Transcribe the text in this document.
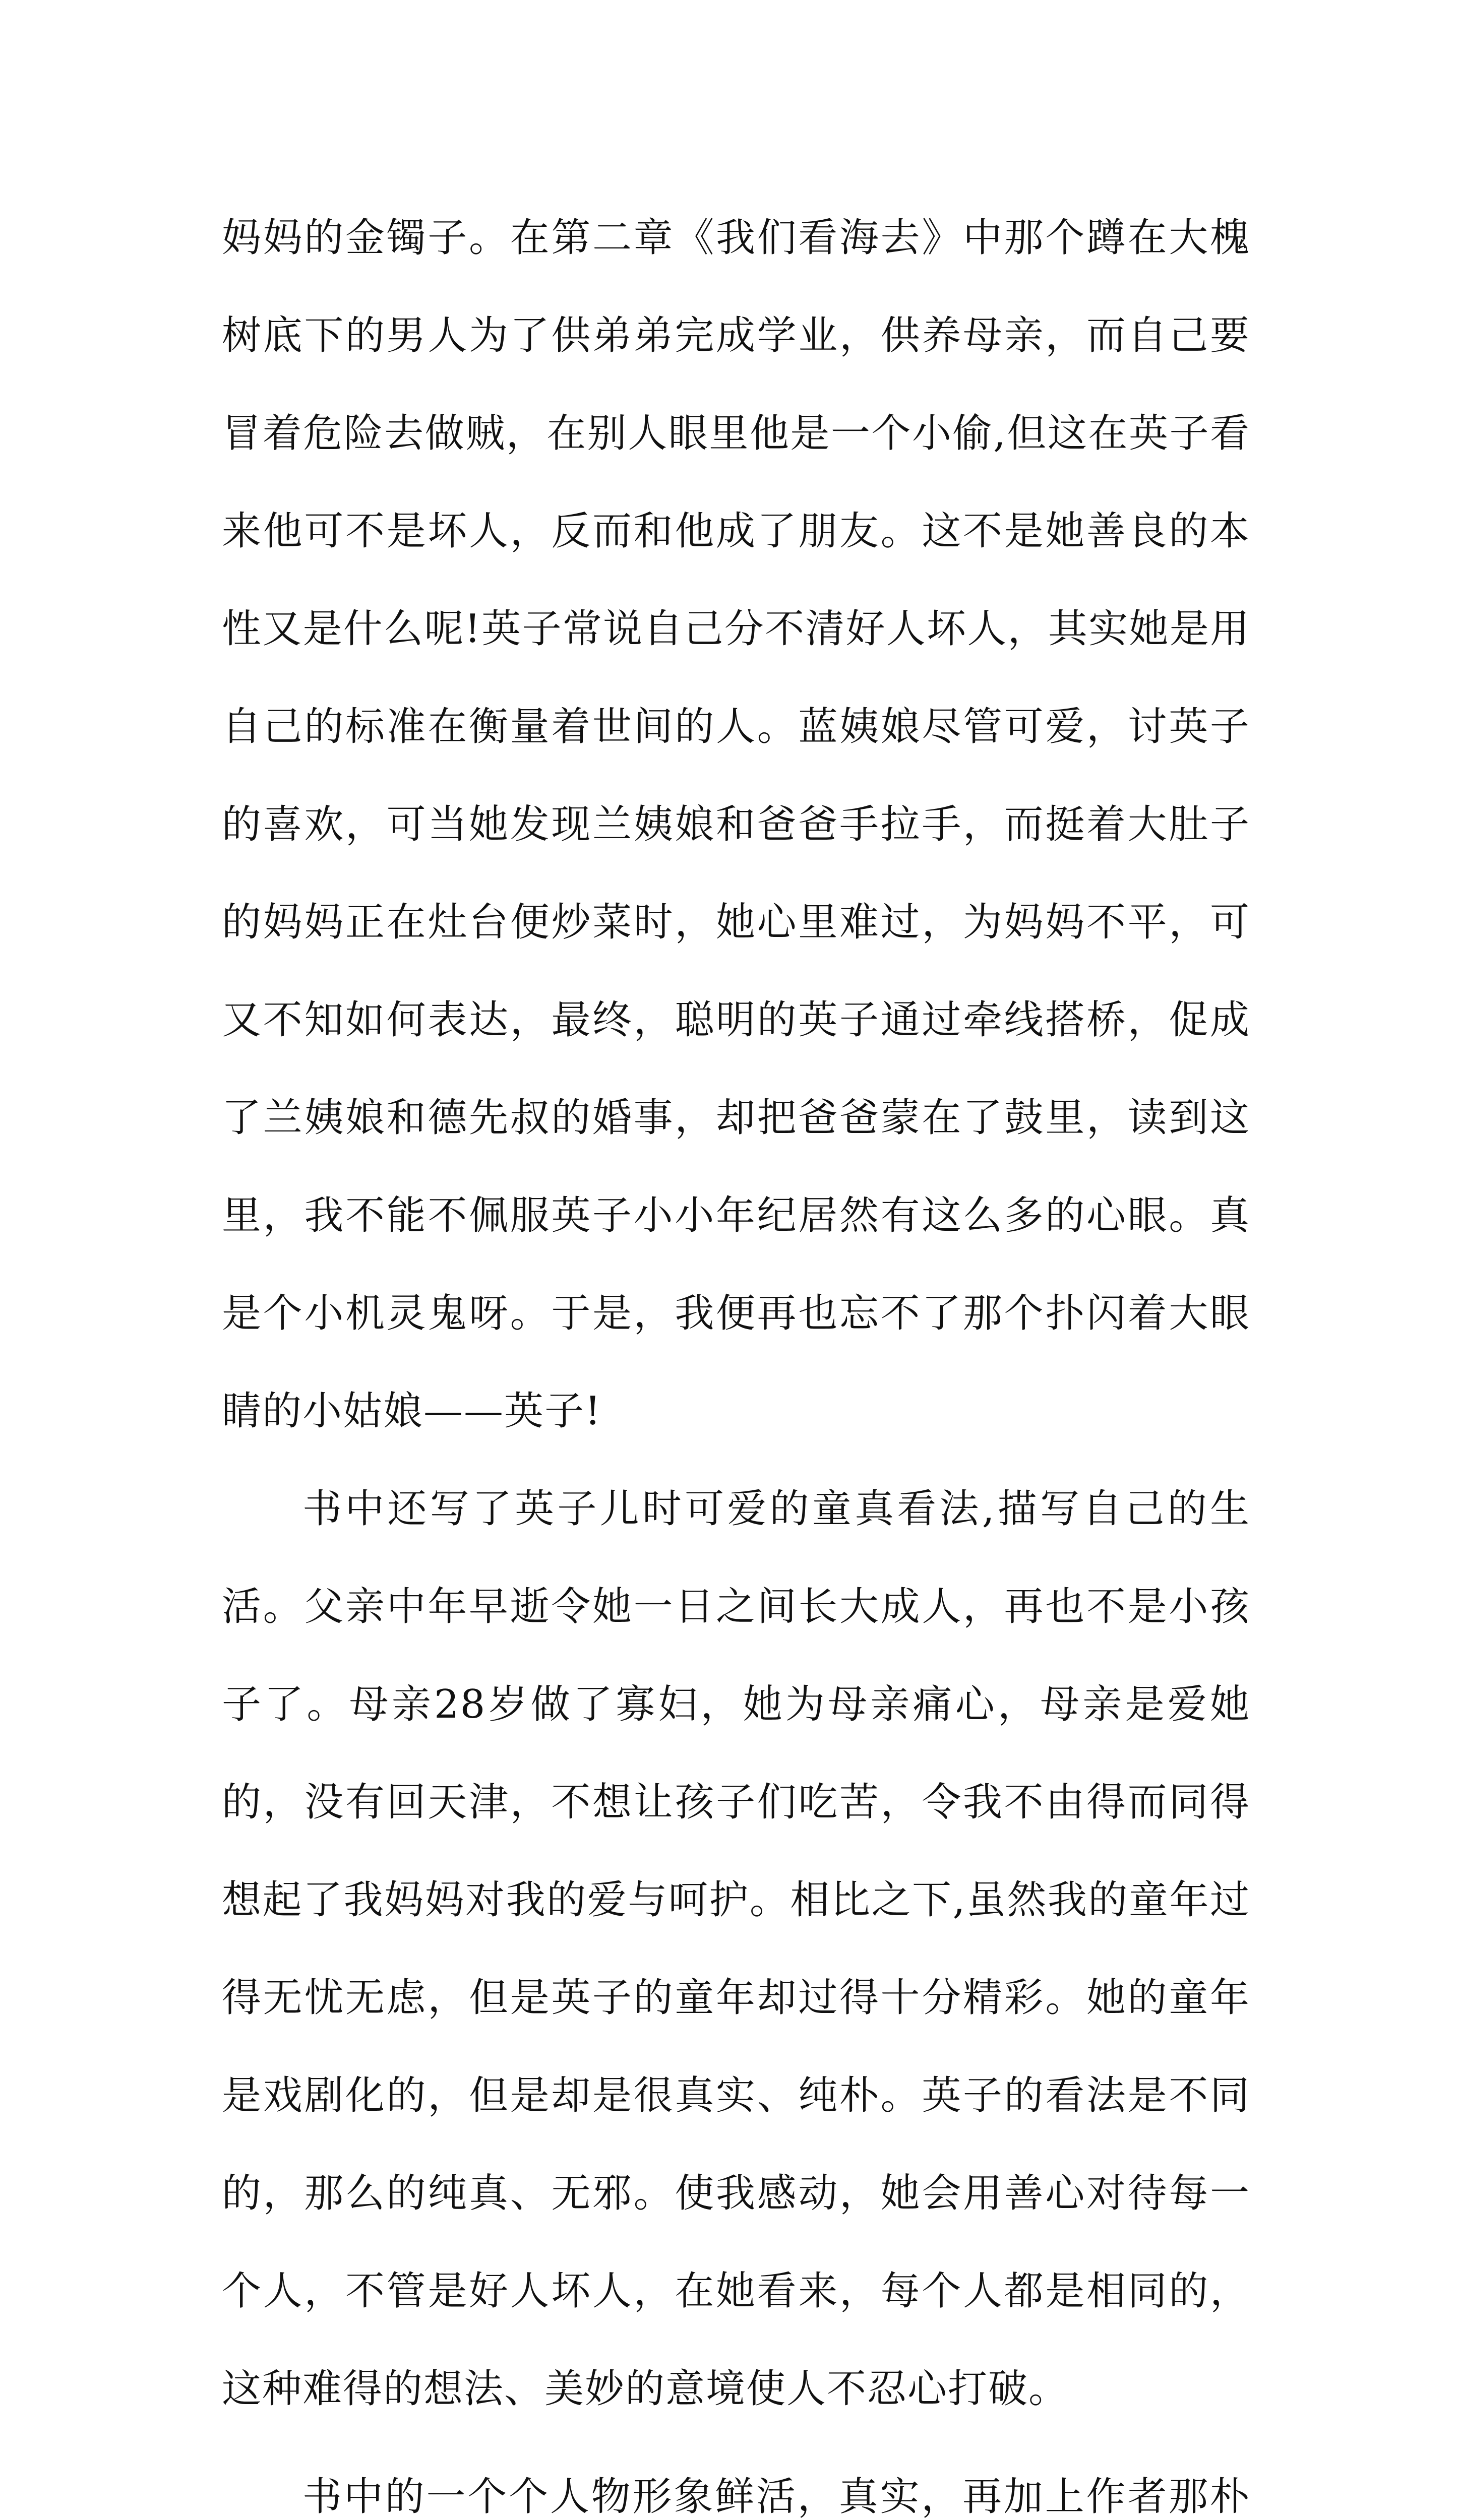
妈妈的金镯子。在第二章《我们看海去》中那个蹲在大槐树底下的男人为了供弟弟完成学业，供养母亲，而自己要冒着危险去做贼，在别人眼里他是一个小偷,但这在英子看来他可不是坏人，反而和他成了朋友。这不是她善良的本性又是什么呢!英子常说自己分不清好人坏人，其实她是用自己的标准在衡量着世间的人。蓝姨娘尽管可爱，讨英子的喜欢，可当她发现兰姨娘和爸爸手拉手，而挺着大肚子的妈妈正在灶台便炒菜时，她心里难过，为妈妈不平，可又不知如何表达，最终，聪明的英子通过牵线搭桥，促成了兰姨娘和德先叔的婚事，却把爸爸蒙在了鼓里，读到这里，我不能不佩服英子小小年纪居然有这么多的心眼。真是个小机灵鬼呀。于是，我便再也忘不了那个扑闪着大眼睛的小姑娘——英子!

书中还写了英子儿时可爱的童真看法,描写自己的生活。父亲中年早逝令她一日之间长大成人，再也不是小孩子了。母亲28岁做了寡妇，她为母亲痛心，母亲是爱她的，没有回天津，不想让孩子们吃苦，令我不由得而同得想起了我妈妈对我的爱与呵护。相比之下,虽然我的童年过得无忧无虑，但是英子的童年却过得十分精彩。她的童年是戏剧化的，但是却是很真实、纯朴。英子的看法是不同的，那么的纯真、无邪。使我感动，她会用善心对待每一个人，不管是好人坏人，在她看来，每个人都是相同的，这种难得的想法、美妙的意境使人不忍心打破。

书中的一个个人物形象鲜活，真实，再加上作者那朴
